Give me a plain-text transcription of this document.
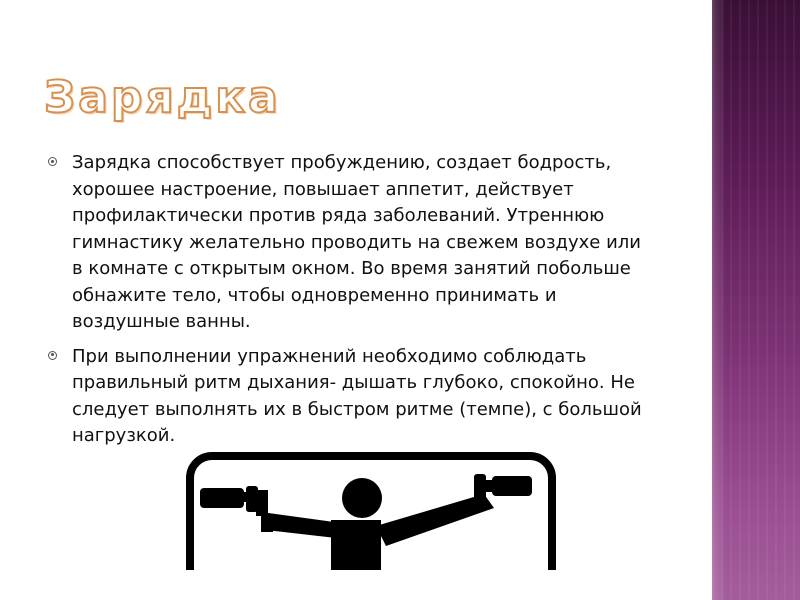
Зарядка

Зарядка способствует пробуждению, создает бодрость, хорошее настроение, повышает аппетит, действует профилактически против ряда заболеваний. Утреннюю гимнастику желательно проводить на свежем воздухе или в комнате с открытым окном. Во время занятий побольше обнажите тело, чтобы одновременно принимать и воздушные ванны.

При выполнении упражнений необходимо соблюдать правильный ритм дыхания- дышать глубоко, спокойно. Не следует выполнять их в быстром ритме (темпе), с большой нагрузкой.
